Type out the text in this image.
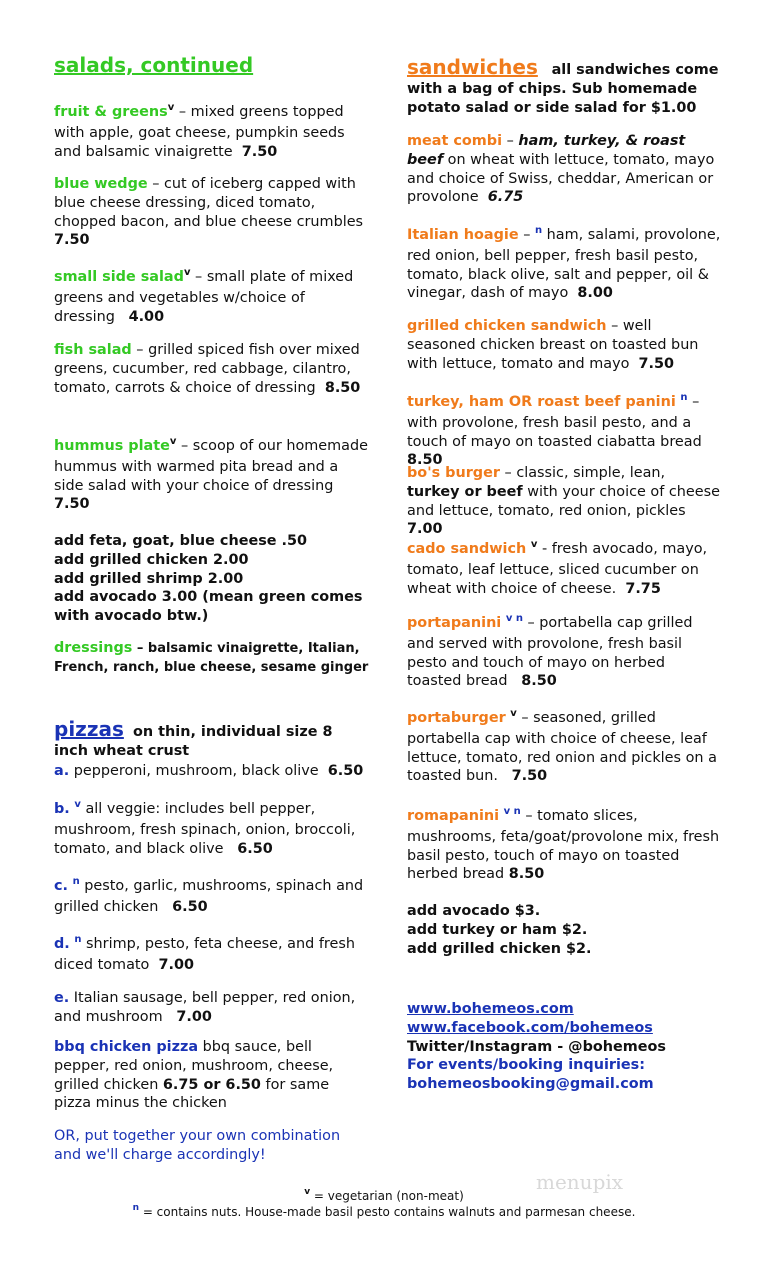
salads, continued

fruit & greens$^v$ – mixed greens topped with apple, goat cheese, pumpkin seeds and balsamic vinaigrette 7.50

blue wedge – cut of iceberg capped with blue cheese dressing, diced tomato, chopped bacon, and blue cheese crumbles  7.50

small side salad$^v$ – small plate of mixed greens and vegetables w/choice of dressing 4.00

fish salad – grilled spiced fish over mixed greens, cucumber, red cabbage, cilantro, tomato, carrots & choice of dressing 8.50

hummus plate$^v$ – scoop of our homemade hummus with warmed pita bread and a side salad with your choice of dressing   7.50

add feta, goat, blue cheese .50
add grilled chicken 2.00
add grilled shrimp 2.00
add avocado 3.00 (mean green comes with avocado btw.)

dressings – balsamic vinaigrette, Italian, French, ranch, blue cheese, sesame ginger

pizzas on thin, individual size 8 inch wheat crust

a. pepperoni, mushroom, black olive 6.50

b. $^v$ all veggie: includes bell pepper, mushroom, fresh spinach, onion, broccoli, tomato, and black olive 6.50

c. $^n$ pesto, garlic, mushrooms, spinach and grilled chicken 6.50

d. $^n$ shrimp, pesto, feta cheese, and fresh diced tomato 7.00

e. Italian sausage, bell pepper, red onion, and mushroom 7.00

bbq chicken pizza bbq sauce, bell pepper, red onion, mushroom, cheese, grilled chicken 6.75 or 6.50 for same pizza minus the chicken

OR, put together your own combination and we'll charge accordingly!

sandwiches all sandwiches come with a bag of chips. Sub homemade potato salad or side salad for $1.00

meat combi – ham, turkey, & roast beef on wheat with lettuce, tomato, mayo and choice of Swiss, cheddar, American or provolone 6.75

Italian hoagie – $^n$ ham, salami, provolone, red onion, bell pepper, fresh basil pesto, tomato, black olive, salt and pepper, oil & vinegar, dash of mayo 8.00

grilled chicken sandwich – well seasoned chicken breast on toasted bun with lettuce, tomato and mayo 7.50

turkey, ham OR roast beef panini $^n$ – with provolone, fresh basil pesto, and a touch of mayo on toasted ciabatta bread  8.50

bo's burger – classic, simple, lean, turkey or beef with your choice of cheese and lettuce, tomato, red onion, pickles  7.00

cado sandwich $^v$ - fresh avocado, mayo, tomato, leaf lettuce, sliced cucumber on wheat with choice of cheese. 7.75

portapanini $^{v n}$ – portabella cap grilled and served with provolone, fresh basil pesto and touch of mayo on herbed toasted bread 8.50

portaburger $^v$ – seasoned, grilled portabella cap with choice of cheese, leaf lettuce, tomato, red onion and pickles on a toasted bun. 7.50

romapanini $^{v n}$ – tomato slices, mushrooms, feta/goat/provolone mix, fresh basil pesto, touch of mayo on toasted herbed bread 8.50

add avocado $3.
add turkey or ham $2.
add grilled chicken $2.
www.bohemeos.com
www.facebook.com/bohemeos
Twitter/Instagram - @bohemeos
For events/booking inquiries:
bohemeosbooking@gmail.com
menupix
$^v$ = vegetarian (non-meat)
$^n$ = contains nuts. House-made basil pesto contains walnuts and parmesan cheese.
